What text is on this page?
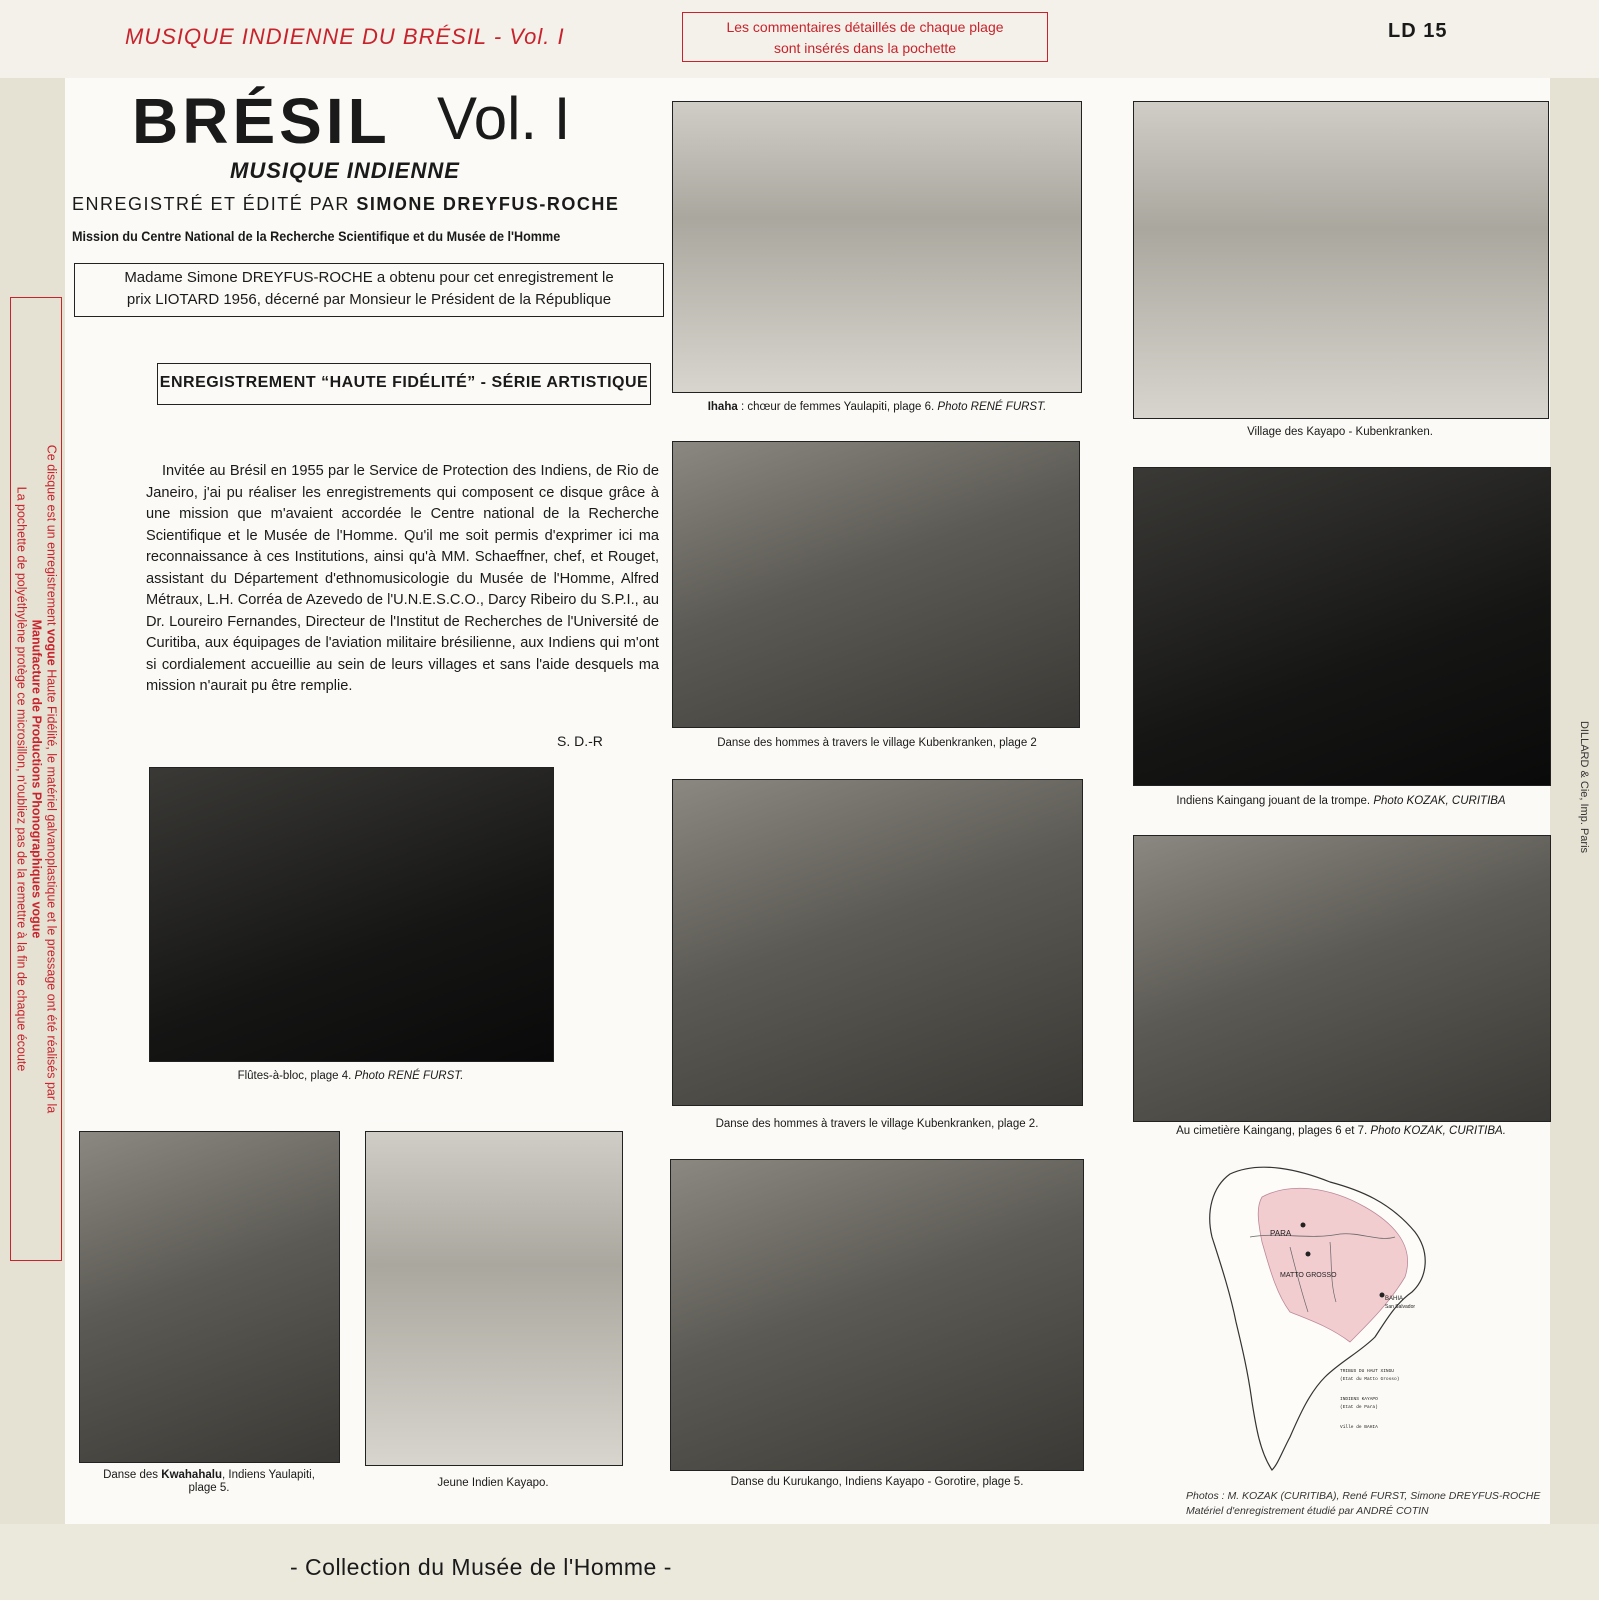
MUSIQUE INDIENNE DU BRÉSIL - Vol. I	Les commentaires détaillés de chaque plage
sont insérés dans la pochette
LD 15
BRÉSIL Vol. I
MUSIQUE INDIENNE
ENREGISTRÉ ET ÉDITÉ PAR SIMONE DREYFUS-ROCHE
Mission du Centre National de la Recherche Scientifique et du Musée de l'Homme
Madame Simone DREYFUS-ROCHE a obtenu pour cet enregistrement le
prix LIOTARD 1956, décerné par Monsieur le Président de la République
ENREGISTREMENT “HAUTE FIDÉLITÉ” - SÉRIE ARTISTIQUE

Invitée au Brésil en 1955 par le Service de Protection des Indiens, de Rio de Janeiro, j'ai pu réaliser les enregistrements qui composent ce disque grâce à une mission que m'avaient accordée le Centre national de la Recherche Scientifique et le Musée de l'Homme. Qu'il me soit permis d'exprimer ici ma reconnaissance à ces Institutions, ainsi qu'à MM. Schaeffner, chef, et Rouget, assistant du Département d'ethnomusicologie du Musée de l'Homme, Alfred Métraux, L.H. Corréa de Azevedo de l'U.N.E.S.C.O., Darcy Ribeiro du S.P.I., au Dr. Loureiro Fernandes, Directeur de l'Institut de Recherches de l'Université de Curitiba, aux équipages de l'aviation militaire brésilienne, aux Indiens qui m'ont si cordialement accueillie au sein de leurs villages et sans l'aide desquels ma mission n'aurait pu être remplie.

S. D.-R
Ihaha : chœur de femmes Yaulapiti, plage 6. Photo RENÉ FURST.
Danse des hommes à travers le village Kubenkranken, plage 2
Danse des hommes à travers le village Kubenkranken, plage 2.
Danse du Kurukango, Indiens Kayapo - Gorotire, plage 5.
Village des Kayapo - Kubenkranken.
Indiens Kaingang jouant de la trompe. Photo KOZAK, CURITIBA
Au cimetière Kaingang, plages 6 et 7. Photo KOZAK, CURITIBA.
Flûtes-à-bloc, plage 4. Photo RENÉ FURST.
Danse des Kwahahalu, Indiens Yaulapiti,
plage 5.	Jeune Indien Kayapo.
PARA
MATTO GROSSO
BAHIA
San Salvador
TRIBUS DU HAUT XINGU
(Etat du Matto Grosso)
INDIENS KAYAPO
(Etat de Para)
Ville de BAHIA
Photos : M. KOZAK (CURITIBA), René FURST, Simone DREYFUS-ROCHE
Matériel d'enregistrement étudié par ANDRÉ COTIN
Ce disque est un enregistrement vogue Haute Fidélité, le matériel galvanoplastique et le pressage ont été réalisés par la
Manufacture de Productions Phonographiques vogue
La pochette de polyéthylène protège ce microsillon, n'oubliez pas de la remettre à la fin de chaque écoute	DILLARD & Cie, Imp. Paris
- Collection du Musée de l'Homme -
